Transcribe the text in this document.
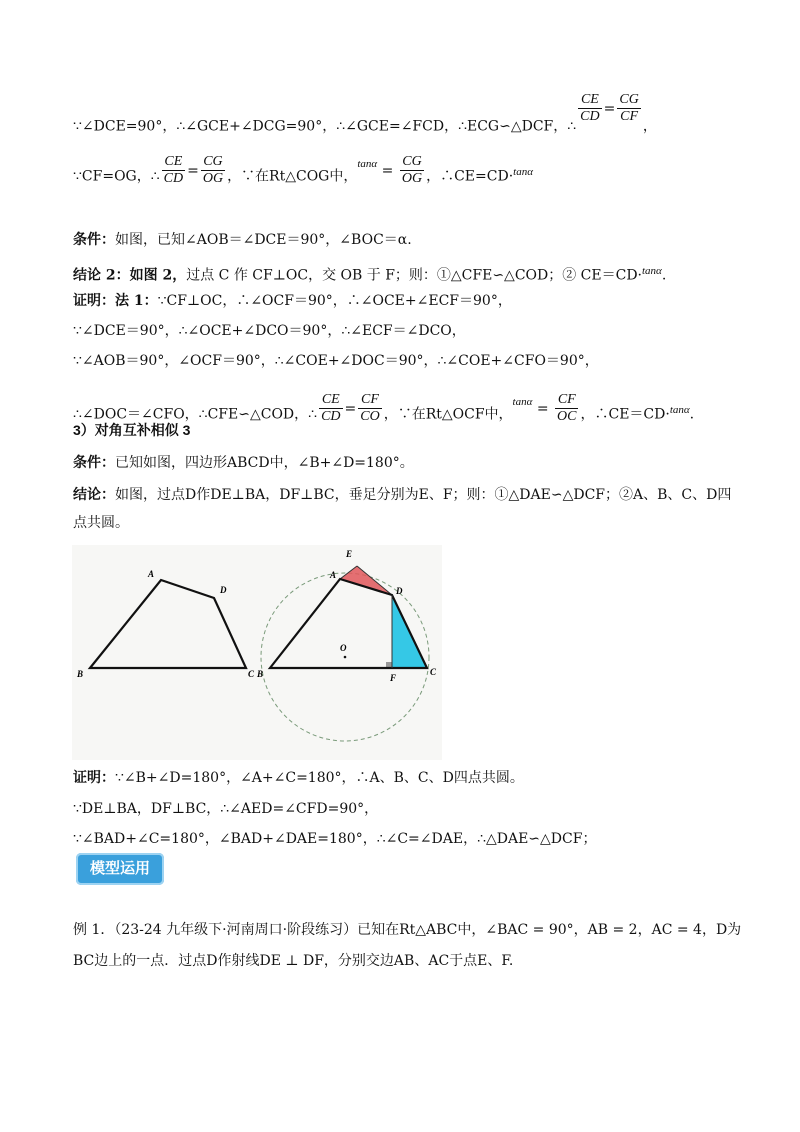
∵∠DCE=90°，∴∠GCE+∠DCG=90°，∴∠GCE=∠FCD，∴ECG∽△DCF，∴
$\frac{CE}{CD} = \frac{CG}{CF}$
，
∵CF=OG，∴ $\frac{CE}{CD} = \frac{CG}{OG}$ ，∵在Rt△COG中，$^{tan\alpha} = \frac{CG}{OG}$ ，∴CE=CD·$^{tan\alpha}$
条件：如图，已知∠AOB＝∠DCE＝90°，∠BOC＝α.
结论 2：如图 2，过点 C 作 CF⊥OC，交 OB 于 F；则：①△CFE∽△COD；② CE＝CD·$^{tan\alpha}$.
证明：法 1：∵CF⊥OC，∴∠OCF＝90°，∴∠OCE+∠ECF＝90°，
∵∠DCE＝90°，∴∠OCE+∠DCO＝90°，∴∠ECF＝∠DCO，
∵∠AOB＝90°，∠OCF＝90°，∴∠COE+∠DOC＝90°，∴∠COE+∠CFO＝90°，
∴∠DOC＝∠CFO，∴CFE∽△COD，∴ $\frac{CE}{CD} = \frac{CF}{CO}$ ，∵在Rt△OCF中，$^{tan\alpha} = \frac{CF}{OC}$ ，∴CE＝CD·$^{tan\alpha}$.
3）对角互补相似 3
条件：已知如图，四边形ABCD中，∠B+∠D=180°。
结论：如图，过点D作DE⊥BA，DF⊥BC，垂足分别为E、F；则：①△DAE∽△DCF；②A、B、C、D四
点共圆。
A
D
B	C
E
A
D
B	C
F
O
证明：∵∠B+∠D=180°，∠A+∠C=180°，∴A、B、C、D四点共圆。
∵DE⊥BA，DF⊥BC，∴∠AED=∠CFD=90°，
∵∠BAD+∠C=180°，∠BAD+∠DAE=180°，∴∠C=∠DAE，∴△DAE∽△DCF；
模型运用
例 1．（23-24 九年级下·河南周口·阶段练习）已知在Rt△ABC中，∠BAC = 90°，AB = 2，AC = 4，D为
BC边上的一点．过点D作射线DE ⊥ DF，分别交边AB、AC于点E、F.
